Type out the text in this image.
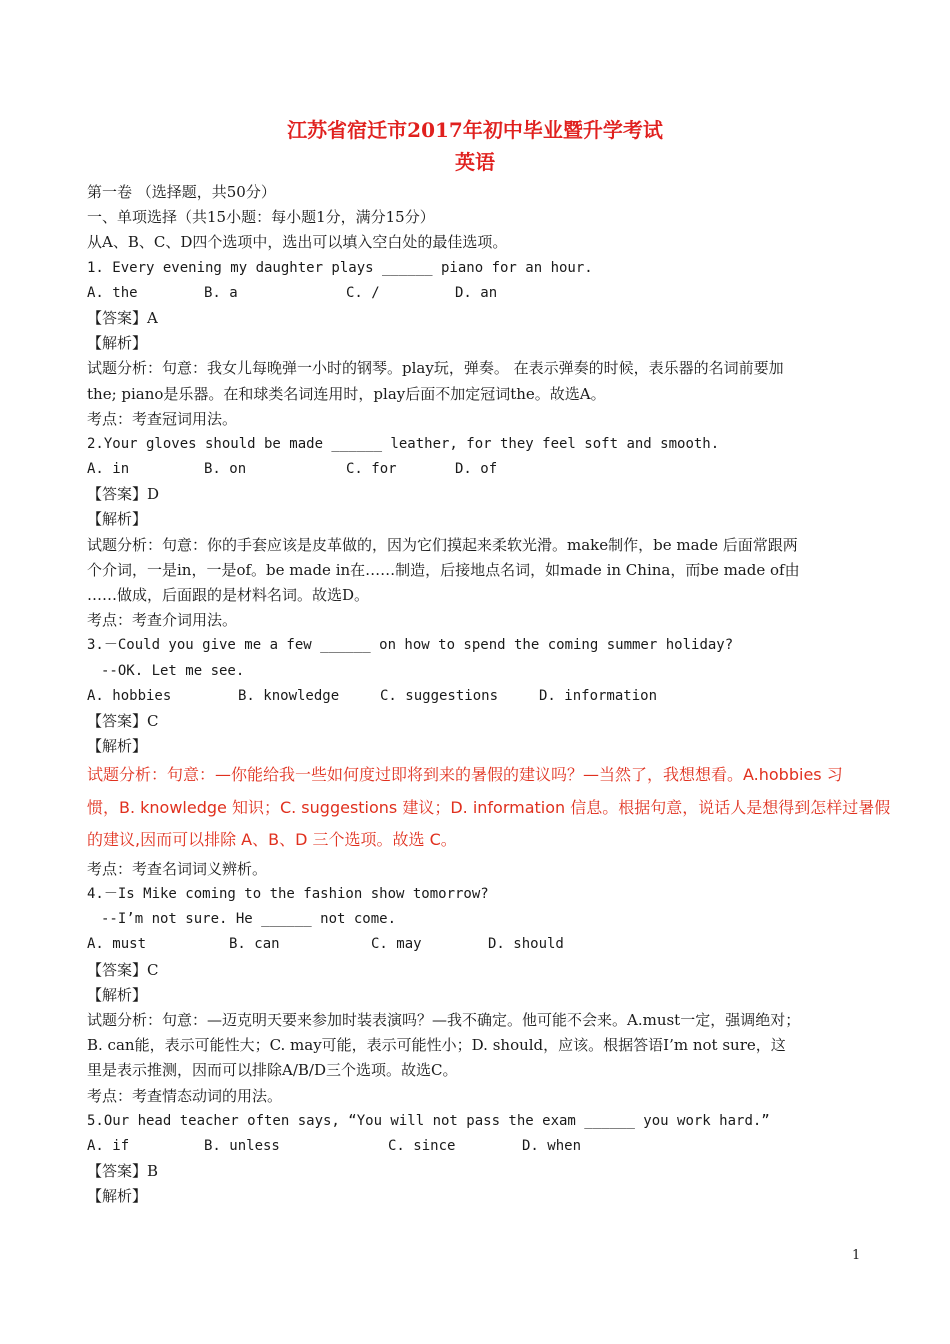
江苏省宿迁市2017年初中毕业暨升学考试
英语
第一卷 （选择题，共50分）
一、单项选择（共15小题：每小题1分，满分15分）
从A、B、C、D四个选项中，选出可以填入空白处的最佳选项。
1. Every evening my daughter plays ______ piano for an hour.
A. the	B. a	C. /	D. an
【答案】A
【解析】
试题分析：句意：我女儿每晚弹一小时的钢琴。play玩，弹奏。 在表示弹奏的时候，表乐器的名词前要加
the; piano是乐器。在和球类名词连用时，play后面不加定冠词the。故选A。
考点：考查冠词用法。
2.Your gloves should be made ______ leather, for they feel soft and smooth.
A. in	B. on	C. for	D. of
【答案】D
【解析】
试题分析：句意：你的手套应该是皮革做的，因为它们摸起来柔软光滑。make制作，be made 后面常跟两
个介词，一是in，一是of。be made in在……制造，后接地点名词，如made in China，而be made of由
……做成，后面跟的是材料名词。故选D。
考点：考查介词用法。
3.－Could you give me a few ______ on how to spend the coming summer holiday?
--OK. Let me see.
A. hobbies	B. knowledge	C. suggestions	D. information
【答案】C
【解析】
试题分析：句意：—你能给我一些如何度过即将到来的暑假的建议吗？—当然了，我想想看。A.hobbies 习
惯，B. knowledge 知识；C. suggestions 建议；D. information 信息。根据句意，说话人是想得到怎样过暑假
的建议,因而可以排除 A、B、D 三个选项。故选 C。
考点：考查名词词义辨析。
4.－Is Mike coming to the fashion show tomorrow?
--I’m not sure. He ______ not come.
A. must	B. can	C. may	D. should
【答案】C
【解析】
试题分析：句意：—迈克明天要来参加时装表演吗？—我不确定。他可能不会来。A.must一定，强调绝对；
B. can能，表示可能性大；C. may可能，表示可能性小；D. should，应该。根据答语I’m not sure，这
里是表示推测，因而可以排除A/B/D三个选项。故选C。
考点：考查情态动词的用法。
5.Our head teacher often says, “You will not pass the exam ______ you work hard.”
A. if	B. unless	C. since	D. when
【答案】B
【解析】
1
